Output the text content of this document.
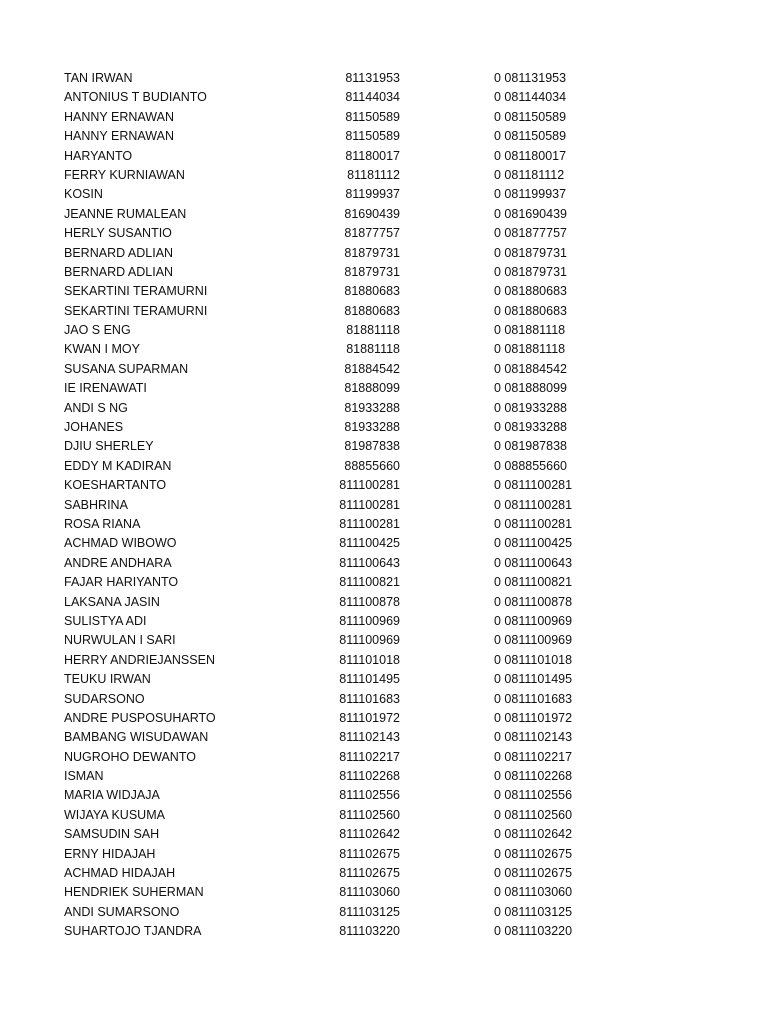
TAN IRWAN	81131953	0 081131953
ANTONIUS T BUDIANTO	81144034	0 081144034
HANNY ERNAWAN	81150589	0 081150589
HANNY ERNAWAN	81150589	0 081150589
HARYANTO	81180017	0 081180017
FERRY KURNIAWAN	81181112	0 081181112
KOSIN	81199937	0 081199937
JEANNE RUMALEAN	81690439	0 081690439
HERLY SUSANTIO	81877757	0 081877757
BERNARD ADLIAN	81879731	0 081879731
BERNARD ADLIAN	81879731	0 081879731
SEKARTINI TERAMURNI	81880683	0 081880683
SEKARTINI TERAMURNI	81880683	0 081880683
JAO S ENG	81881118	0 081881118
KWAN I MOY	81881118	0 081881118
SUSANA SUPARMAN	81884542	0 081884542
IE IRENAWATI	81888099	0 081888099
ANDI S NG	81933288	0 081933288
JOHANES	81933288	0 081933288
DJIU SHERLEY	81987838	0 081987838
EDDY M KADIRAN	88855660	0 088855660
KOESHARTANTO	811100281	0 0811100281
SABHRINA	811100281	0 0811100281
ROSA RIANA	811100281	0 0811100281
ACHMAD WIBOWO	811100425	0 0811100425
ANDRE ANDHARA	811100643	0 0811100643
FAJAR HARIYANTO	811100821	0 0811100821
LAKSANA JASIN	811100878	0 0811100878
SULISTYA ADI	811100969	0 0811100969
NURWULAN I SARI	811100969	0 0811100969
HERRY ANDRIEJANSSEN	811101018	0 0811101018
TEUKU IRWAN	811101495	0 0811101495
SUDARSONO	811101683	0 0811101683
ANDRE PUSPOSUHARTO	811101972	0 0811101972
BAMBANG WISUDAWAN	811102143	0 0811102143
NUGROHO DEWANTO	811102217	0 0811102217
ISMAN	811102268	0 0811102268
MARIA WIDJAJA	811102556	0 0811102556
WIJAYA KUSUMA	811102560	0 0811102560
SAMSUDIN SAH	811102642	0 0811102642
ERNY HIDAJAH	811102675	0 0811102675
ACHMAD HIDAJAH	811102675	0 0811102675
HENDRIEK SUHERMAN	811103060	0 0811103060
ANDI SUMARSONO	811103125	0 0811103125
SUHARTOJO TJANDRA	811103220	0 0811103220
